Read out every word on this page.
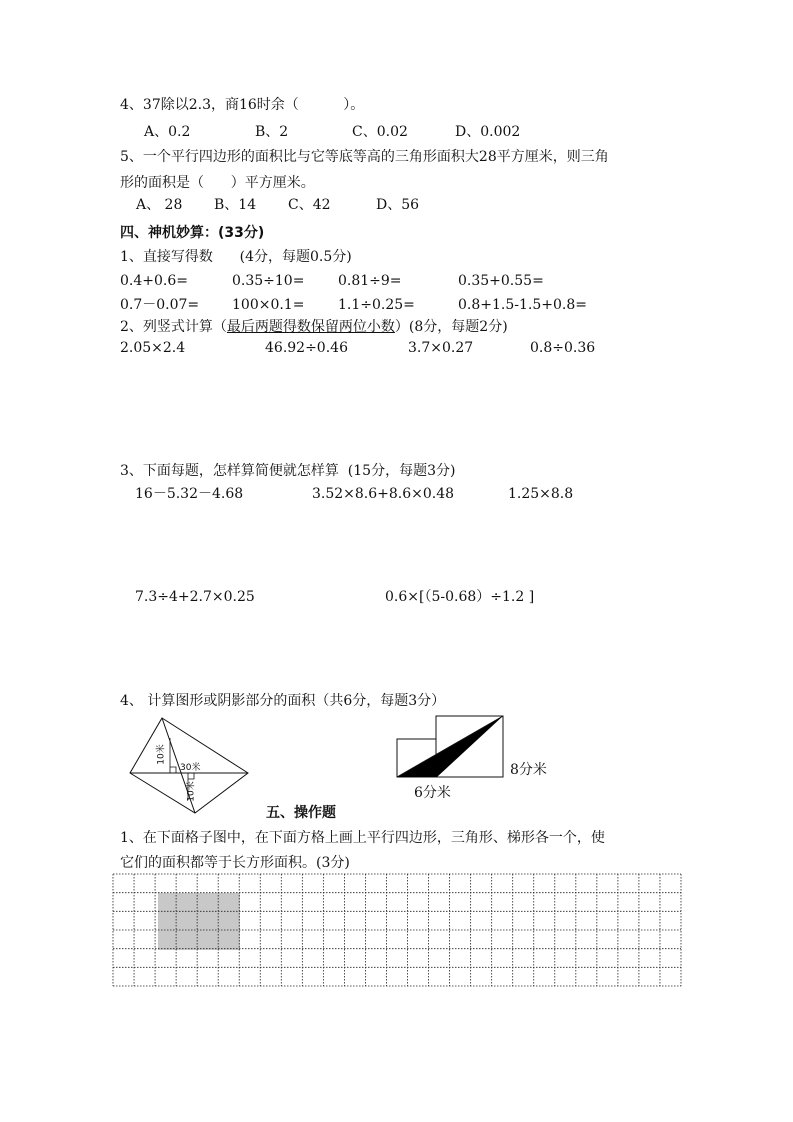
4、37除以2.3，商16时余（          ）。
A、0.2	B、2	C、0.02	D、0.002
5、一个平行四边形的面积比与它等底等高的三角形面积大28平方厘米，则三角
形的面积是（      ）平方厘米。
A、 28 B、14 C、42	D、56
四、神机妙算：(33分)
1、直接写得数      (4分，每题0.5分)
0.4+0.6=	0.35÷10= 0.81÷9=	0.35+0.55=
0.7－0.07= 100×0.1= 1.1÷0.25=	0.8+1.5-1.5+0.8=
2、列竖式计算（最后两题得数保留两位小数）(8分，每题2分)
2.05×2.4	46.92÷0.46	3.7×0.27	0.8÷0.36
3、下面每题，怎样算简便就怎样算  (15分，每题3分)
16－5.32－4.68	3.52×8.6+8.6×0.48	1.25×8.8
7.3÷4+2.7×0.25	0.6×[（5-0.68）÷1.2 ]
4、 计算图形或阴影部分的面积（共6分，每题3分）
10米
30米
10米
8分米
6分米
五、操作题
1、在下面格子图中，在下面方格上画上平行四边形，三角形、梯形各一个，使
它们的面积都等于长方形面积。(3分)
